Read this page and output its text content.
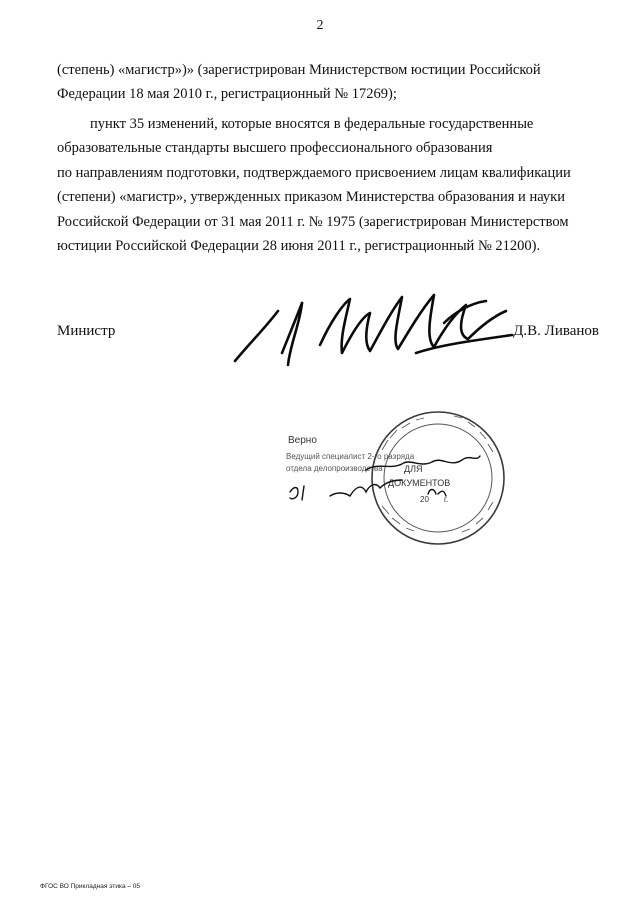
2

(степень) «магистр»)» (зарегистрирован Министерством юстиции Российской

Федерации 18 мая 2010 г., регистрационный № 17269);

пункт 35 изменений, которые вносятся в федеральные государственные

образовательные стандарты высшего профессионального образования

по направлениям подготовки, подтверждаемого присвоением лицам квалификации

(степени) «магистр», утвержденных приказом Министерства образования и науки

Российской Федерации от 31 мая 2011 г. № 1975 (зарегистрирован Министерством

юстиции Российской Федерации 28 июня 2011 г., регистрационный № 21200).

Министр	Д.В. Ливанов
Верно
Ведущий специалист 2-го разряда
отдела делопроизводства ДЛЯ
ДОКУМЕНТОВ
20 г.
ФГОС ВО Прикладная этика – 05
